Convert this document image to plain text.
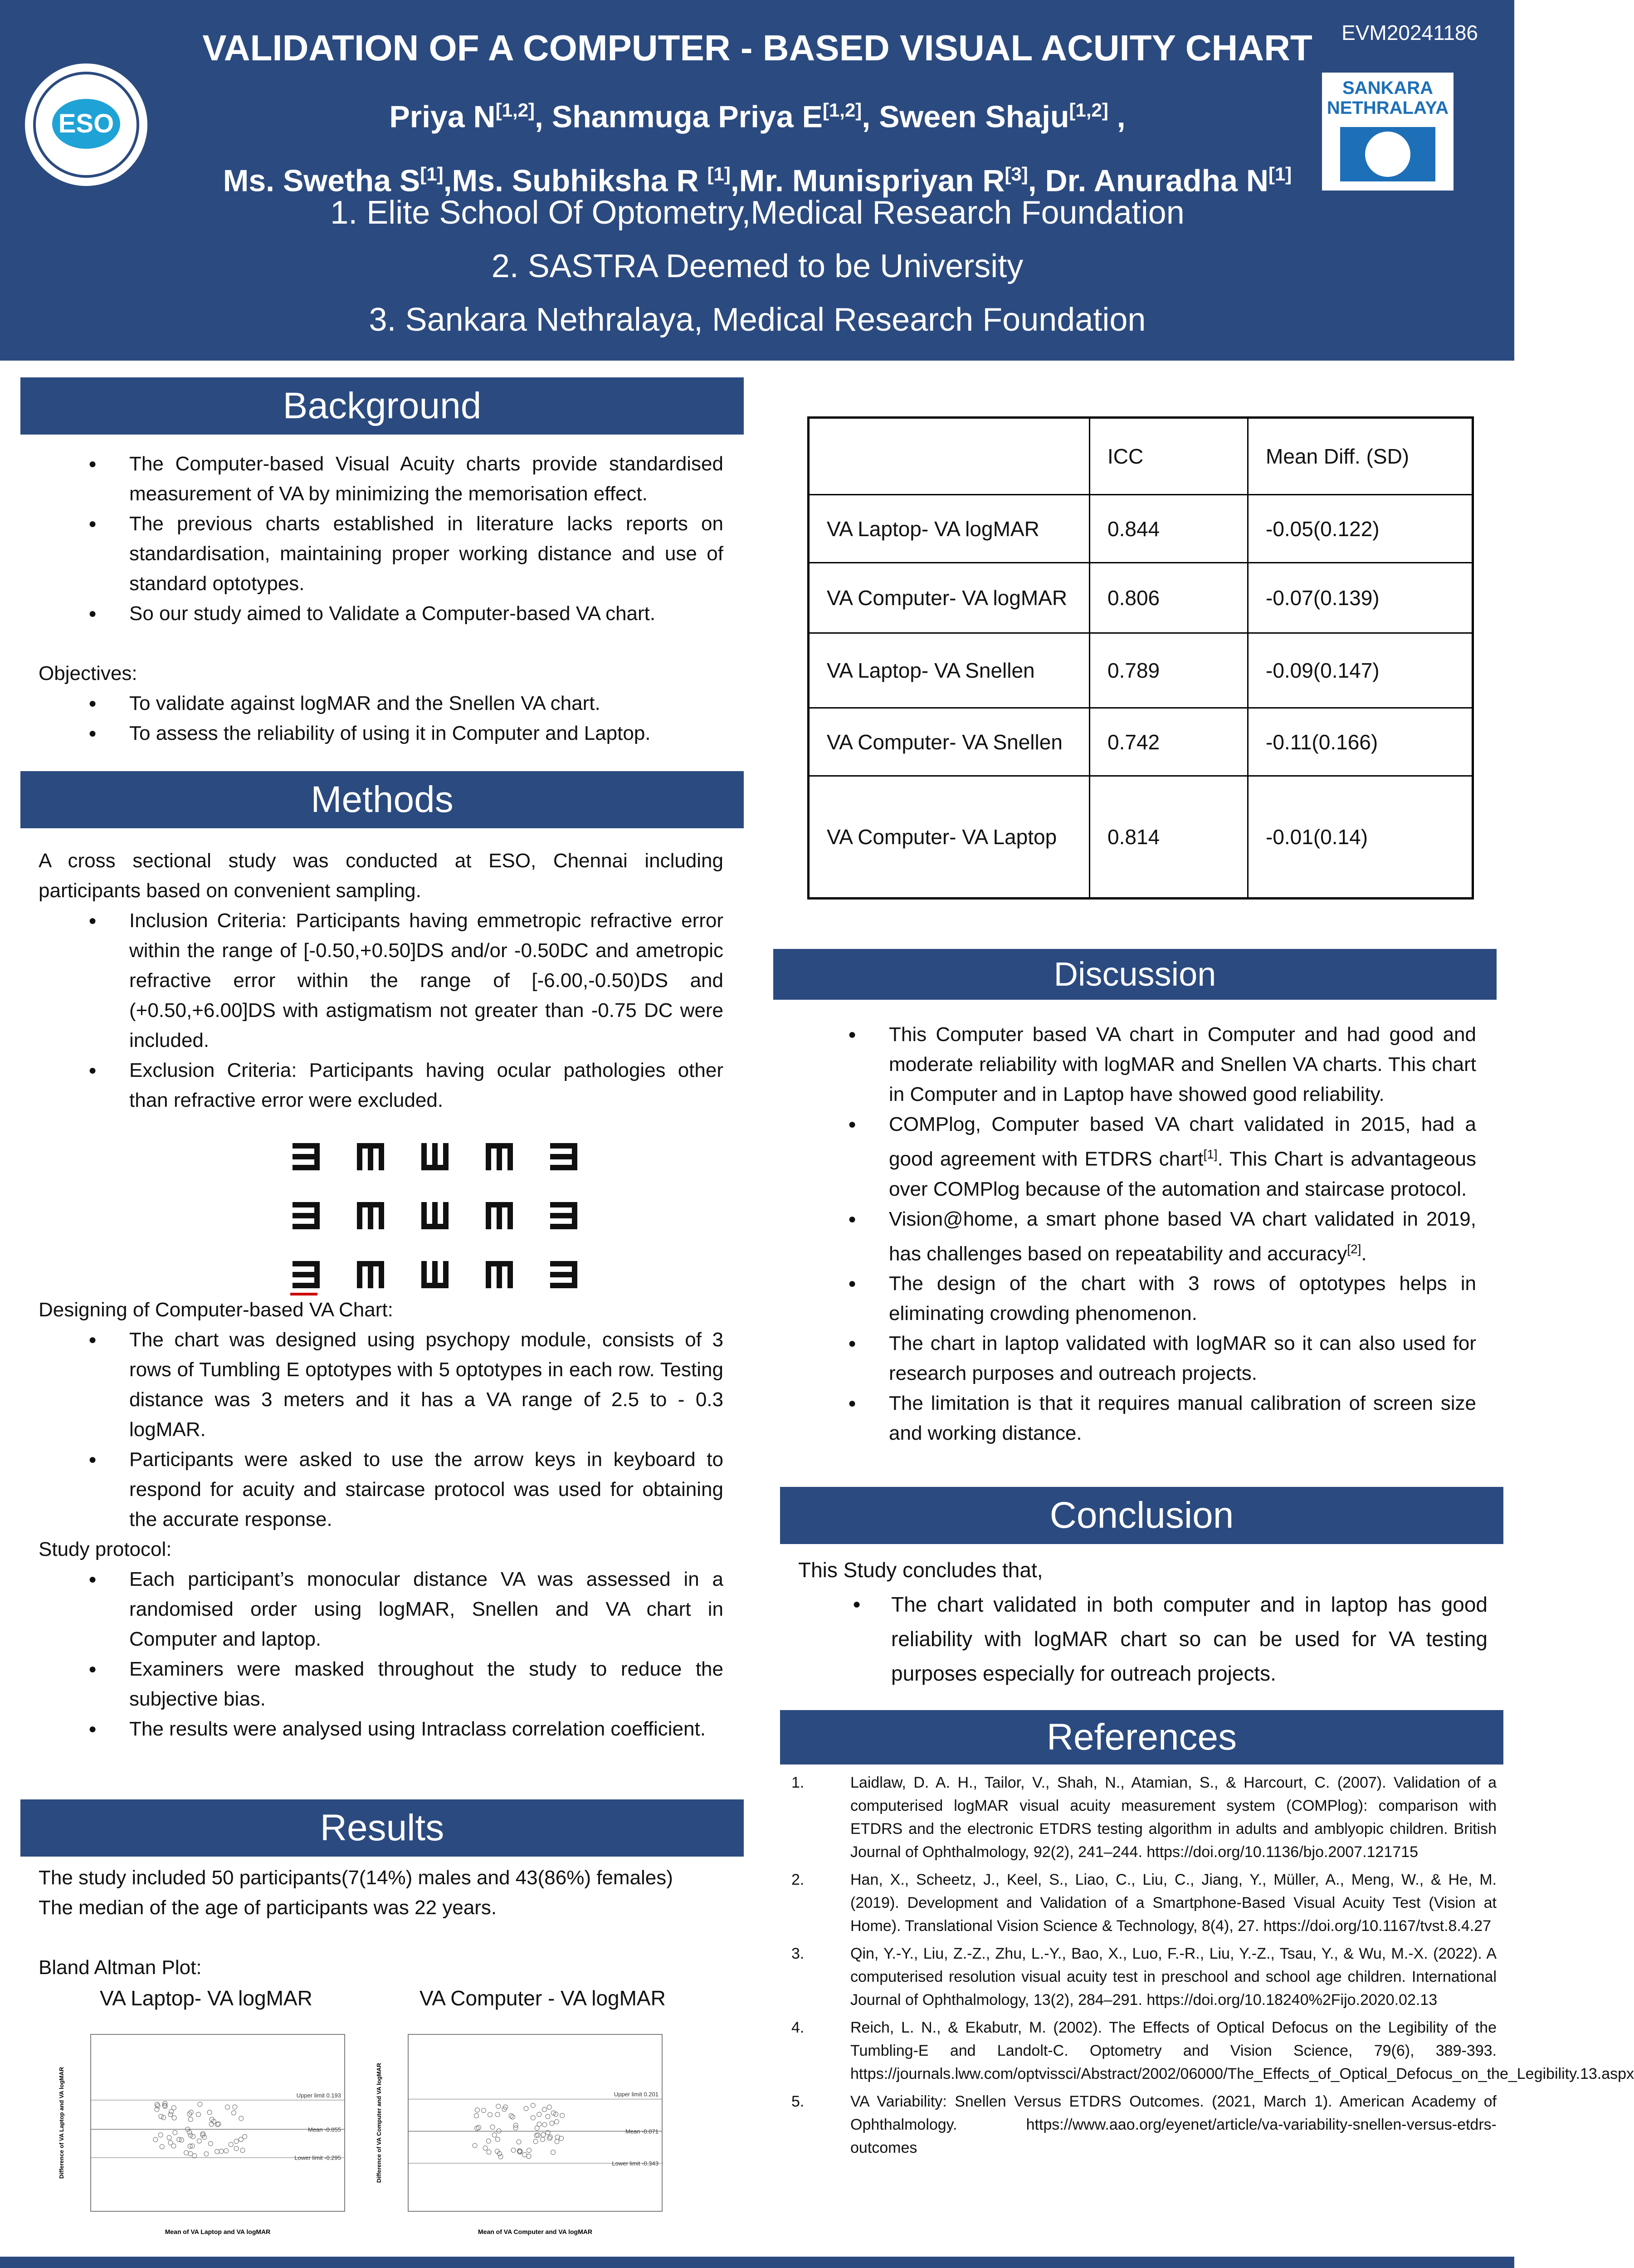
EVM20241186
ESO
SANKARA NETHRALAYA
VALIDATION OF A COMPUTER - BASED VISUAL ACUITY CHART
Priya N[1,2], Shanmuga Priya E[1,2], Sween Shaju[1,2] ,
Ms. Swetha S[1],Ms. Subhiksha R [1],Mr. Munispriyan R[3], Dr. Anuradha N[1]
1. Elite School Of Optometry,Medical Research Foundation
2. SASTRA Deemed to be University
3. Sankara Nethralaya, Medical Research Foundation
Background

● The Computer-based Visual Acuity charts provide standardised measurement of VA by minimizing the memorisation effect.

● The previous charts established in literature lacks reports on standardisation, maintaining proper working distance and use of standard optotypes.

● So our study aimed to Validate a Computer-based VA chart.

Objectives:

● To validate against logMAR and the Snellen VA chart.

● To assess the reliability of using it in Computer and Laptop.

Methods

A cross sectional study was conducted at ESO, Chennai including participants based on convenient sampling.

● Inclusion Criteria: Participants having emmetropic refractive error within the range of [-0.50,+0.50]DS and/or -0.50DC and ametropic refractive error within the range of [-6.00,-0.50)DS and (+0.50,+6.00]DS with astigmatism not greater than -0.75 DC were included.

● Exclusion Criteria: Participants having ocular pathologies other than refractive error were excluded.

Designing of Computer-based VA Chart:

● The chart was designed using psychopy module, consists of 3 rows of Tumbling E optotypes with 5 optotypes in each row. Testing distance was 3 meters and it has a VA range of 2.5 to - 0.3 logMAR.

● Participants were asked to use the arrow keys in keyboard to respond for acuity and staircase protocol was used for obtaining the accurate response.

Study protocol:

● Each participant’s monocular distance VA was assessed in a randomised order using logMAR, Snellen and VA chart in Computer and laptop.

● Examiners were masked throughout the study to reduce the subjective bias.

● The results were analysed using Intraclass correlation coefficient.

Results

The study included 50 participants(7(14%) males and 43(86%) females)

The median of the age of participants was 22 years.

Bland Altman Plot:

VA Laptop- VA logMAR	VA Computer - VA logMAR
Upper limit 0.193
Mean -0.055
Lower limit -0.295
Mean of VA Laptop and VA logMAR
Difference of VA Laptop and VA logMAR	Upper limit 0.201
Mean -0.071
Lower limit -0.343
Mean of VA Computer and VA logMAR
Difference of VA Computer and VA logMAR
	ICC	Mean Diff. (SD)
VA Laptop- VA logMAR	0.844	-0.05(0.122)
VA Computer- VA logMAR	0.806	-0.07(0.139)
VA Laptop- VA Snellen	0.789	-0.09(0.147)
VA Computer- VA Snellen	0.742	-0.11(0.166)
VA Computer- VA Laptop	0.814	-0.01(0.14)
Discussion

● This Computer based VA chart in Computer and had good and moderate reliability with logMAR and Snellen VA charts. This chart in Computer and in Laptop have showed good reliability.

● COMPlog, Computer based VA chart validated in 2015, had a good agreement with ETDRS chart[1]. This Chart is advantageous over COMPlog because of the automation and staircase protocol.

● Vision@home, a smart phone based VA chart validated in 2019, has challenges based on repeatability and accuracy[2].

● The design of the chart with 3 rows of optotypes helps in eliminating crowding phenomenon.

● The chart in laptop validated with logMAR so it can also used for research purposes and outreach projects.

● The limitation is that it requires manual calibration of screen size and working distance.

Conclusion

This Study concludes that,

● The chart validated in both computer and in laptop has good reliability with logMAR chart so can be used for VA testing purposes especially for outreach projects.

References
1.	Laidlaw, D. A. H., Tailor, V., Shah, N., Atamian, S., & Harcourt, C. (2007). Validation of a computerised logMAR visual acuity measurement system (COMPlog): comparison with ETDRS and the electronic ETDRS testing algorithm in adults and amblyopic children. British Journal of Ophthalmology, 92(2), 241–244. https://doi.org/10.1136/bjo.2007.121715
2.	Han, X., Scheetz, J., Keel, S., Liao, C., Liu, C., Jiang, Y., Müller, A., Meng, W., & He, M. (2019). Development and Validation of a Smartphone-Based Visual Acuity Test (Vision at Home). Translational Vision Science & Technology, 8(4), 27. https://doi.org/10.1167/tvst.8.4.27
3.	Qin, Y.-Y., Liu, Z.-Z., Zhu, L.-Y., Bao, X., Luo, F.-R., Liu, Y.-Z., Tsau, Y., & Wu, M.-X. (2022). A computerised resolution visual acuity test in preschool and school age children. International Journal of Ophthalmology, 13(2), 284–291. https://doi.org/10.18240%2Fijo.2020.02.13
4.	Reich, L. N., & Ekabutr, M. (2002). The Effects of Optical Defocus on the Legibility of the Tumbling-E and Landolt-C. Optometry and Vision Science, 79(6), 389-393. https://journals.lww.com/optvissci/Abstract/2002/06000/The_Effects_of_Optical_Defocus_on_the_Legibility.13.aspx
5.	VA Variability: Snellen Versus ETDRS Outcomes. (2021, March 1). American Academy of Ophthalmology. https://www.aao.org/eyenet/article/va-variability-snellen-versus-etdrs-outcomes
